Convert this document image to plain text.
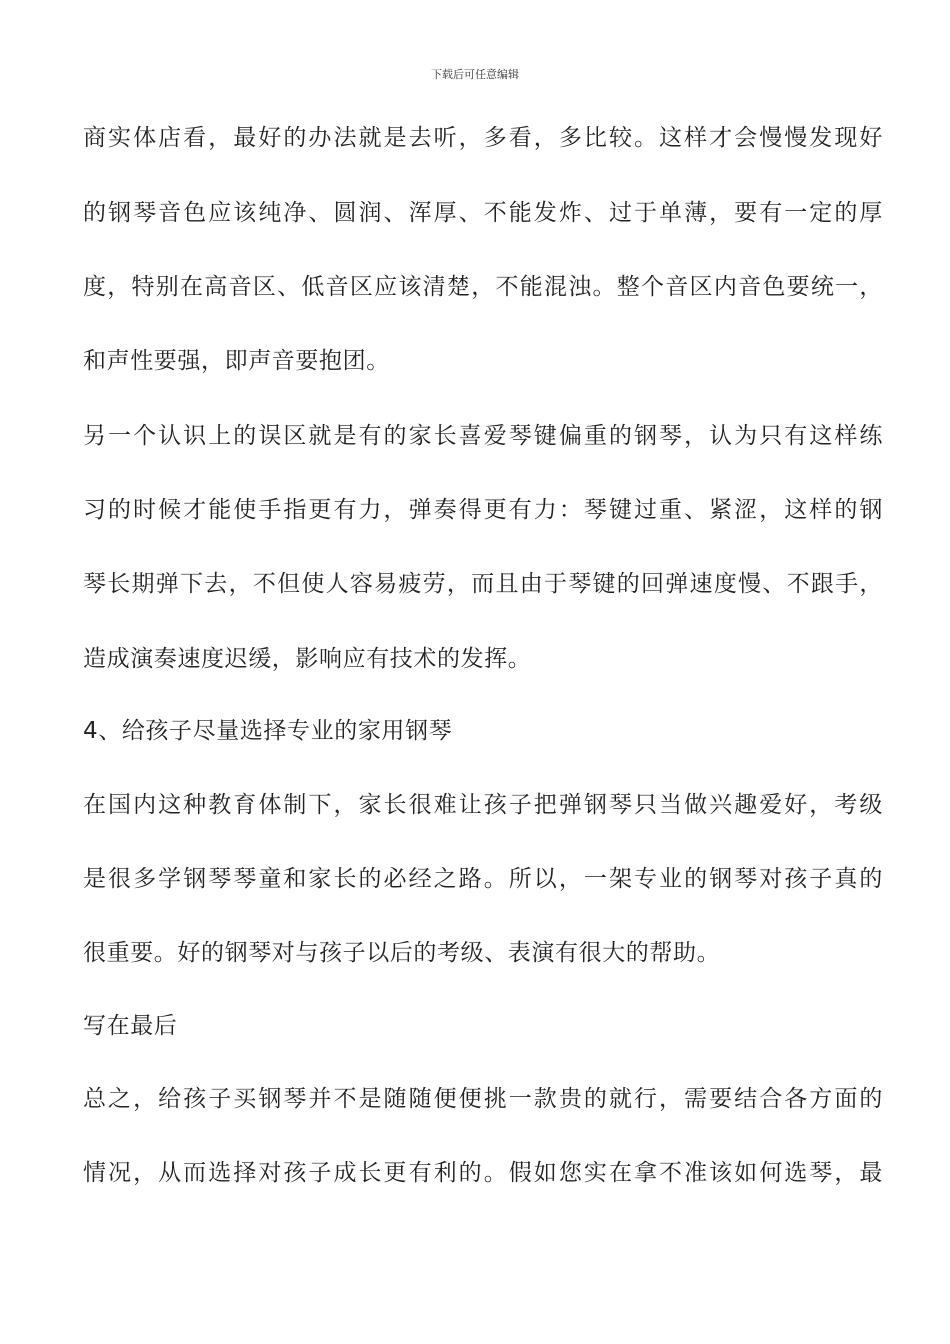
下载后可任意编辑
商实体店看，最好的办法就是去听，多看，多比较。这样才会慢慢发现好
的钢琴音色应该纯净、圆润、浑厚、不能发炸、过于单薄，要有一定的厚
度，特别在高音区、低音区应该清楚，不能混浊。整个音区内音色要统一，
和声性要强，即声音要抱团。
另一个认识上的误区就是有的家长喜爱琴键偏重的钢琴，认为只有这样练
习的时候才能使手指更有力，弹奏得更有力：琴键过重、紧涩，这样的钢
琴长期弹下去，不但使人容易疲劳，而且由于琴键的回弹速度慢、不跟手，
造成演奏速度迟缓，影响应有技术的发挥。
4、给孩子尽量选择专业的家用钢琴
在国内这种教育体制下，家长很难让孩子把弹钢琴只当做兴趣爱好，考级
是很多学钢琴琴童和家长的必经之路。所以，一架专业的钢琴对孩子真的
很重要。好的钢琴对与孩子以后的考级、表演有很大的帮助。
写在最后
总之，给孩子买钢琴并不是随随便便挑一款贵的就行，需要结合各方面的
情况，从而选择对孩子成长更有利的。假如您实在拿不准该如何选琴，最
